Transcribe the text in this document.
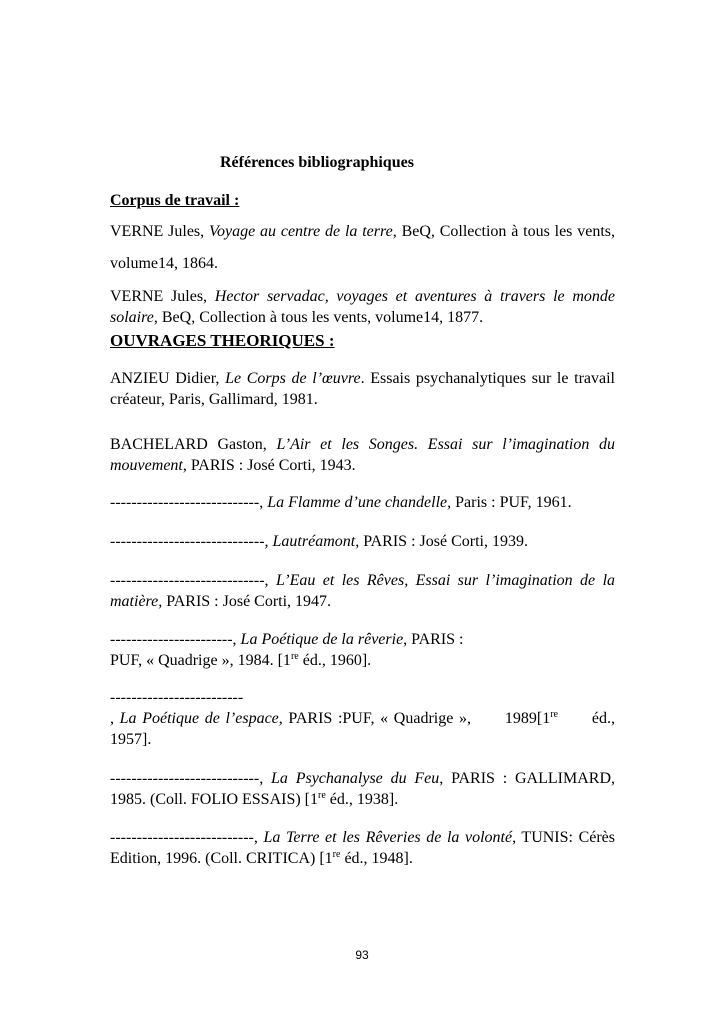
Références bibliographiques
Corpus de travail :
VERNE Jules, Voyage au centre de la terre, BeQ, Collection à tous les vents, volume14, 1864.
VERNE Jules, Hector servadac, voyages et aventures à travers le monde solaire, BeQ, Collection à tous les vents, volume14, 1877.
OUVRAGES THEORIQUES :
ANZIEU Didier, Le Corps de l’œuvre. Essais psychanalytiques sur le travail créateur, Paris, Gallimard, 1981.
BACHELARD Gaston, L’Air et les Songes. Essai sur l’imagination du mouvement, PARIS : José Corti, 1943.
----------------------------, La Flamme d’une chandelle, Paris : PUF, 1961.
-----------------------------, Lautréamont, PARIS : José Corti, 1939.
-----------------------------, L’Eau et les Rêves, Essai sur l’imagination de la matière, PARIS : José Corti, 1947.
-----------------------, La Poétique de la rêverie, PARIS :
PUF, « Quadrige », 1984. [1re éd., 1960].
-------------------------
, La Poétique de l’espace, PARIS :PUF, « Quadrige »,      1989[1re      éd., 1957].
----------------------------, La Psychanalyse du Feu, PARIS : GALLIMARD, 1985. (Coll. FOLIO ESSAIS) [1re éd., 1938].
---------------------------, La Terre et les Rêveries de la volonté, TUNIS: Cérès Edition, 1996. (Coll. CRITICA) [1re éd., 1948].
93
